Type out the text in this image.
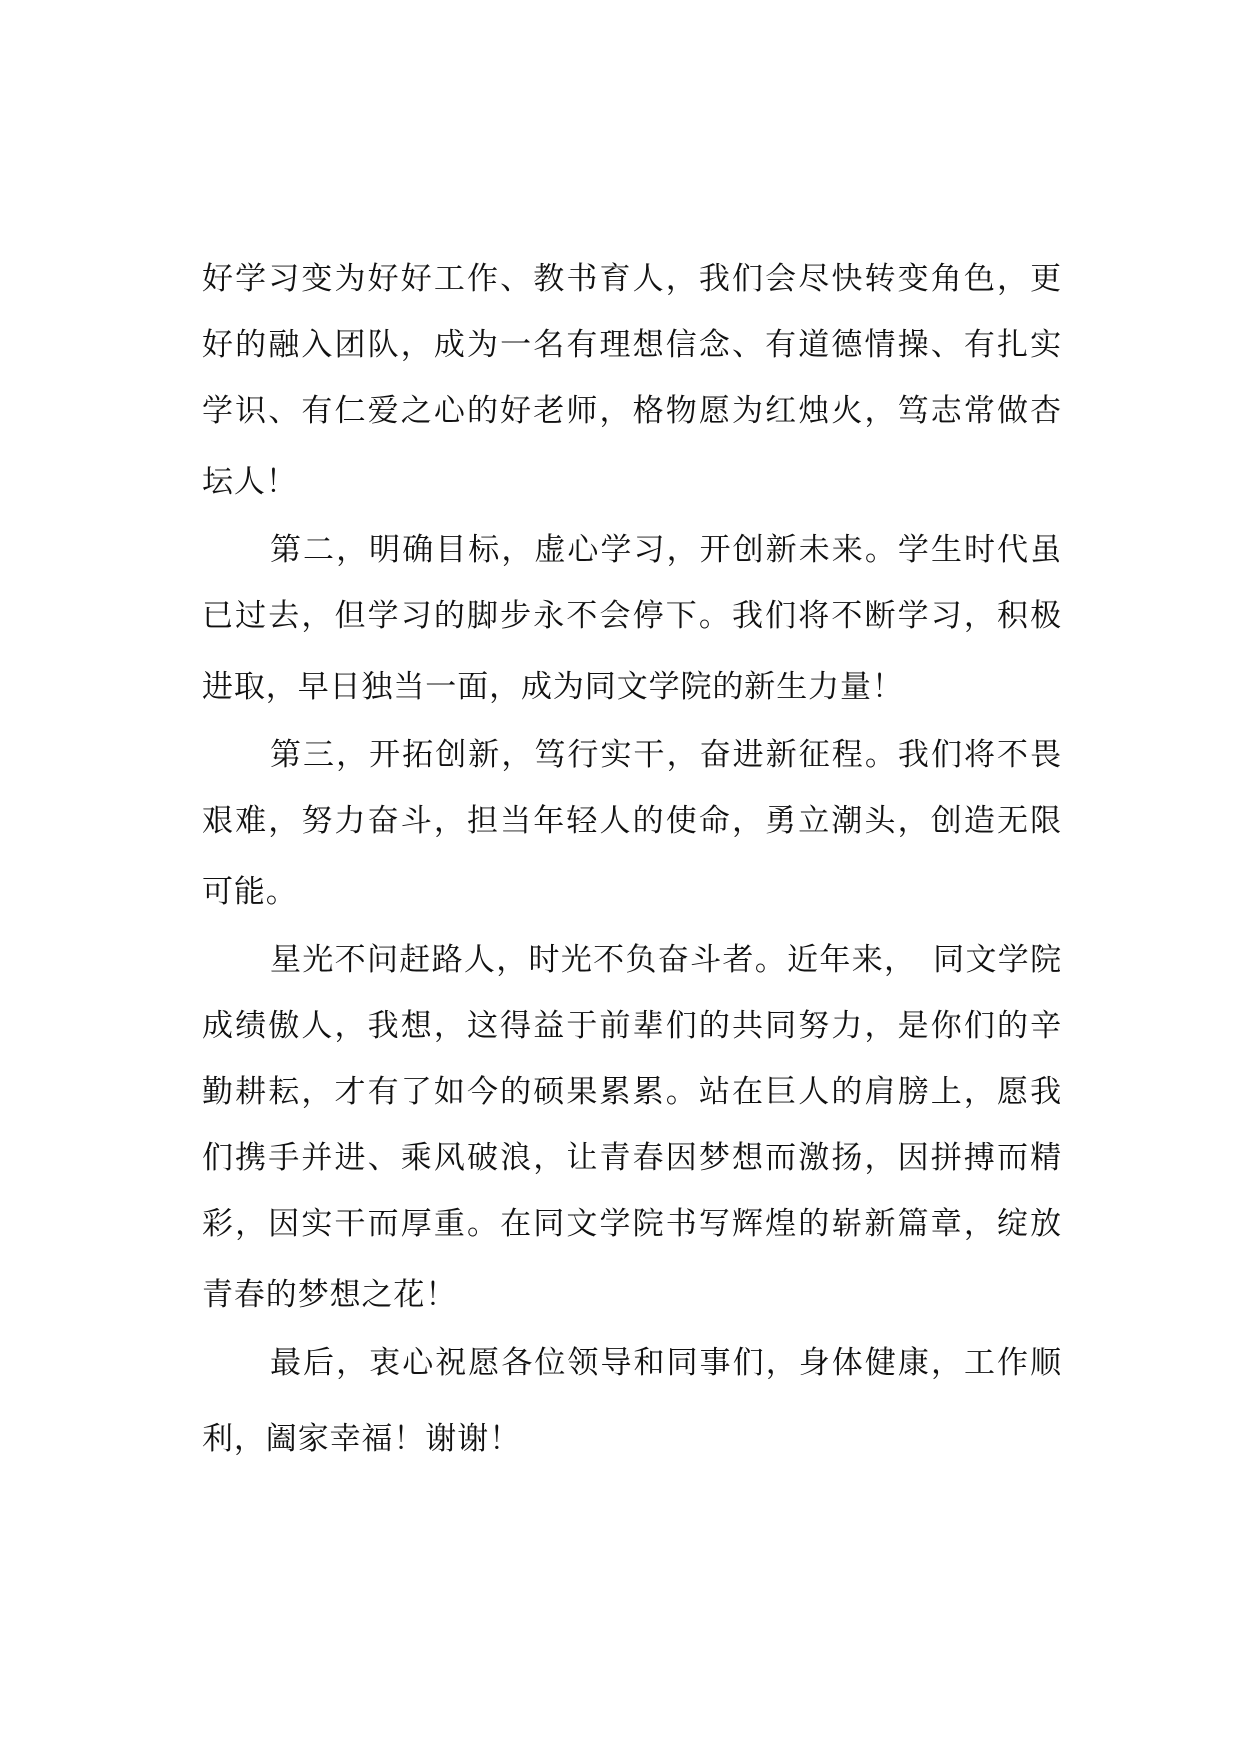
好学习变为好好工作、教书育人，我们会尽快转变角色，更

好的融入团队，成为一名有理想信念、有道德情操、有扎实

学识、有仁爱之心的好老师，格物愿为红烛火，笃志常做杏

坛人！

第二，明确目标，虚心学习，开创新未来。学生时代虽

已过去，但学习的脚步永不会停下。我们将不断学习，积极

进取，早日独当一面，成为同文学院的新生力量！

第三，开拓创新，笃行实干，奋进新征程。我们将不畏

艰难，努力奋斗，担当年轻人的使命，勇立潮头，创造无限

可能。

星光不问赶路人，时光不负奋斗者。近年来，　同文学院

成绩傲人，我想，这得益于前辈们的共同努力，是你们的辛

勤耕耘，才有了如今的硕果累累。站在巨人的肩膀上，愿我

们携手并进、乘风破浪，让青春因梦想而激扬，因拼搏而精

彩，因实干而厚重。在同文学院书写辉煌的崭新篇章，绽放

青春的梦想之花！

最后，衷心祝愿各位领导和同事们，身体健康，工作顺

利，阖家幸福！谢谢！
